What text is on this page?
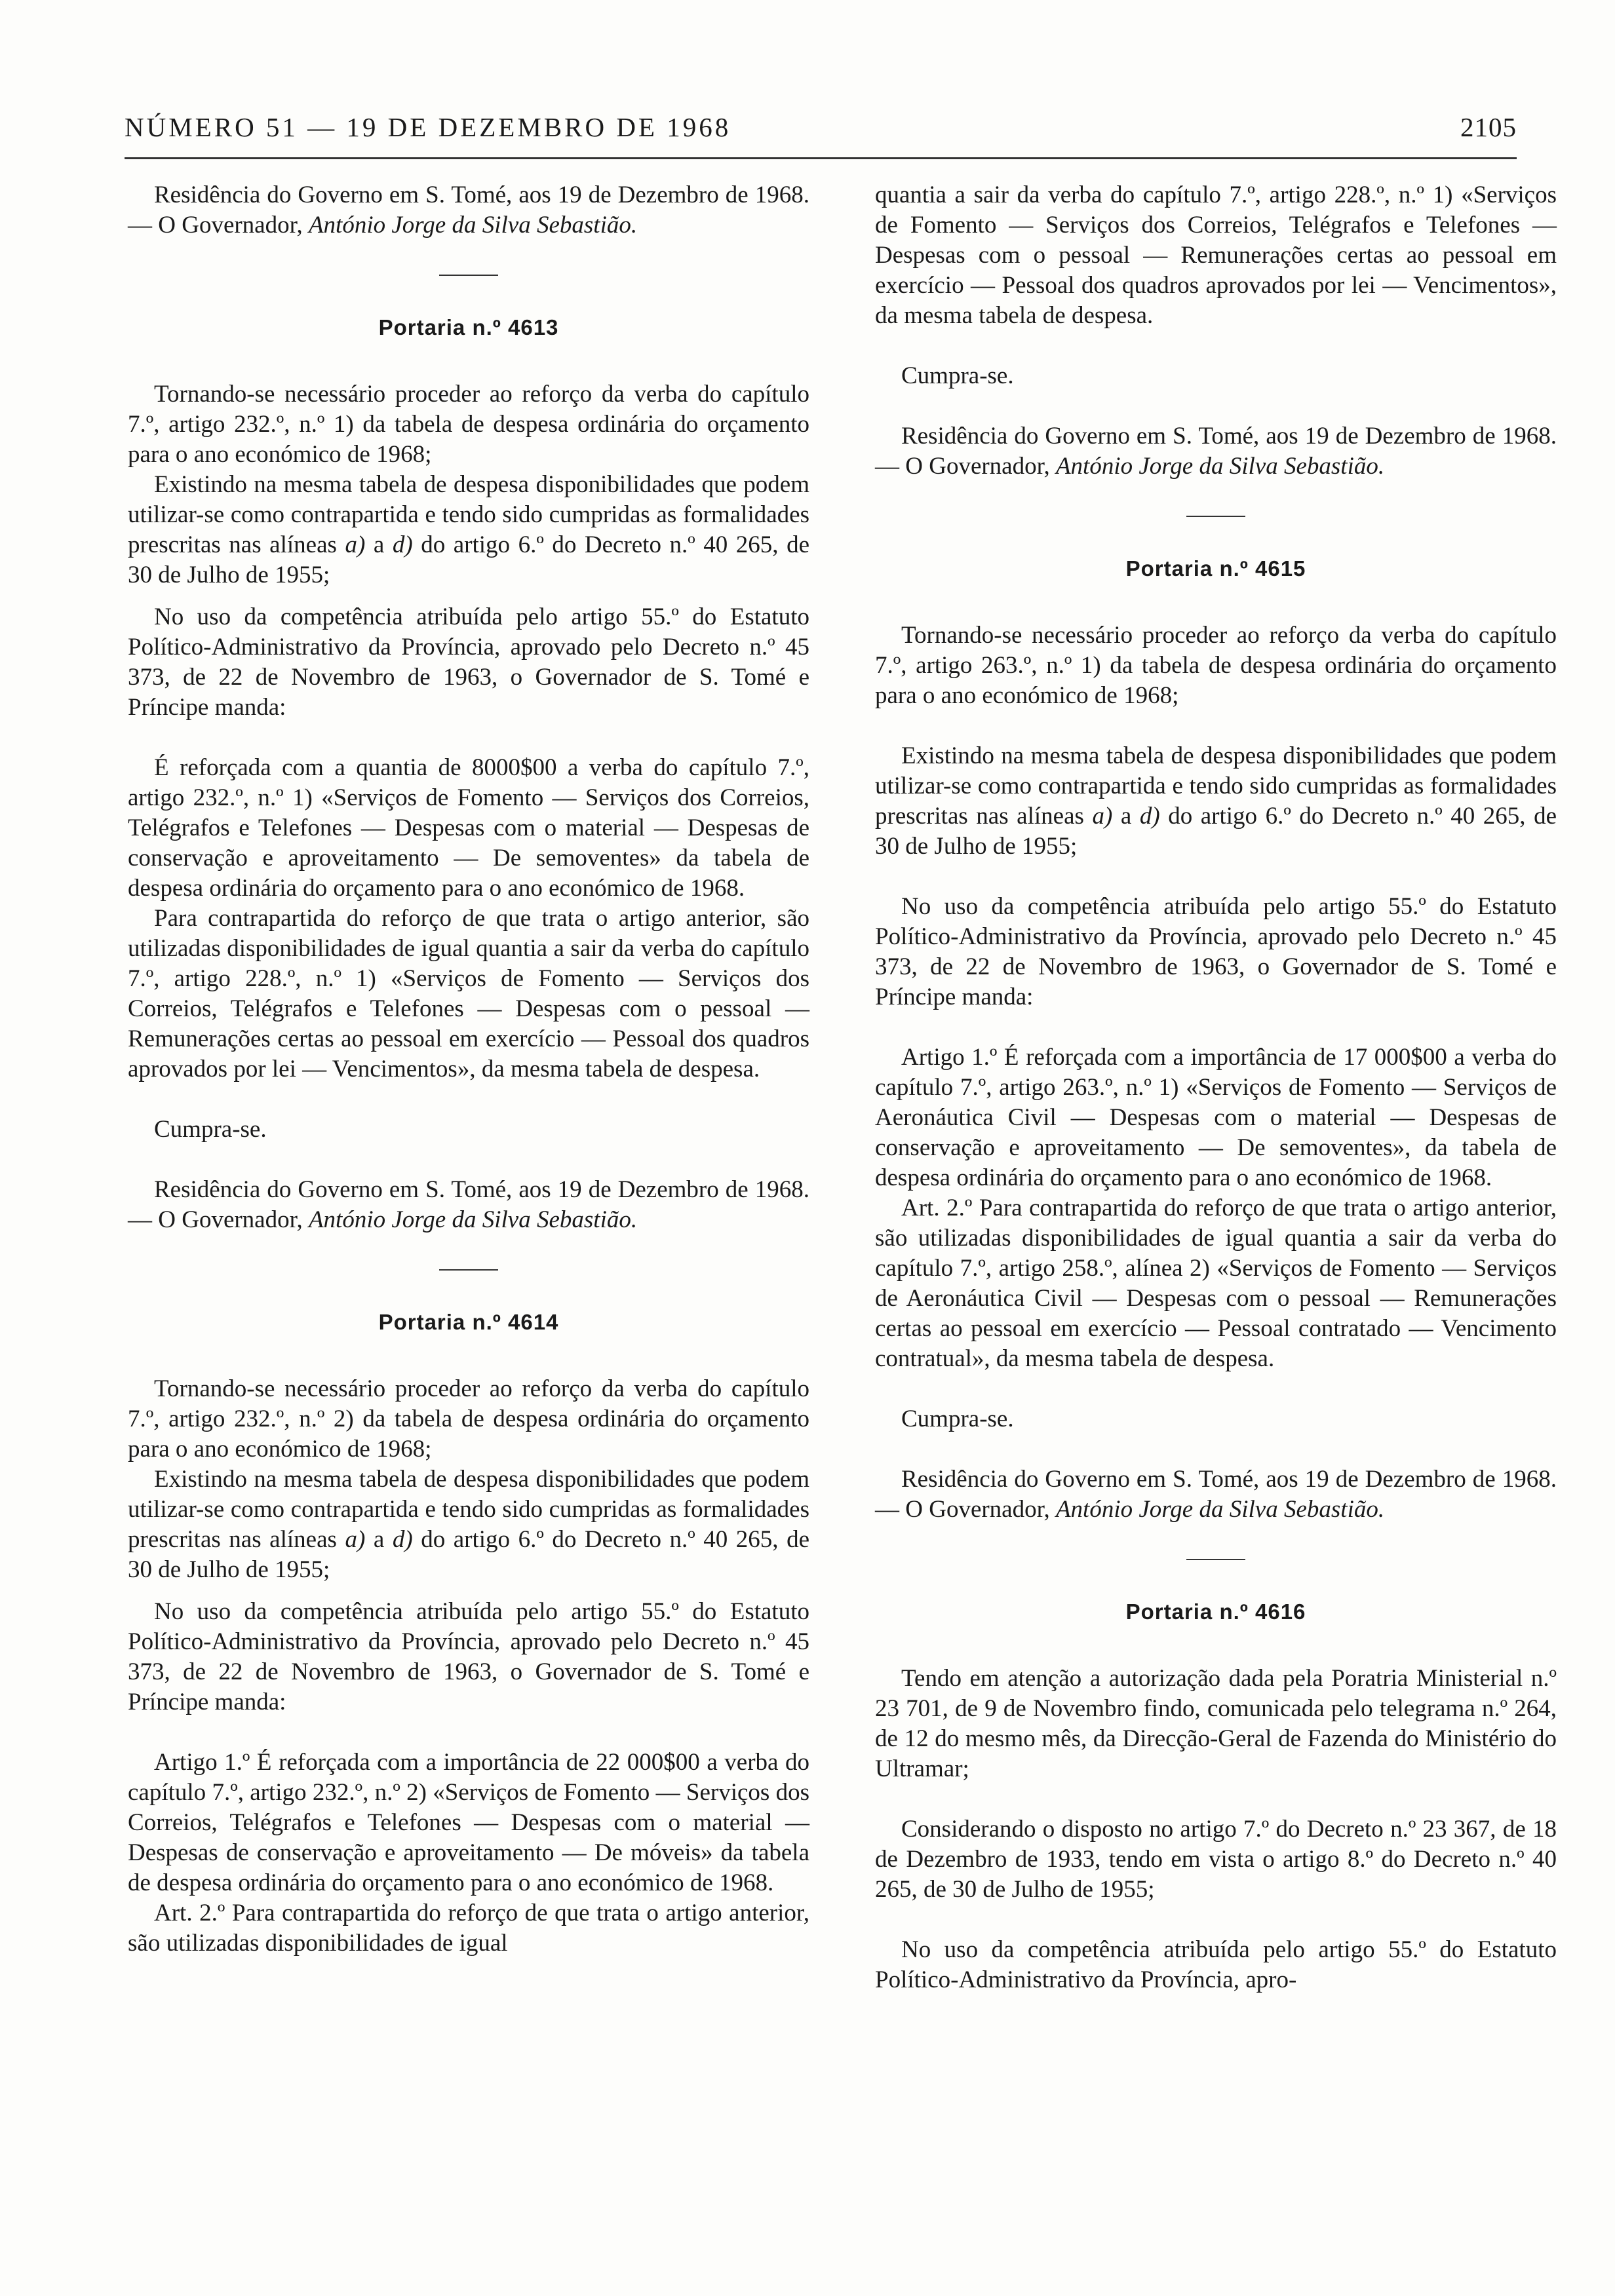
NÚMERO 51 — 19 DE DEZEMBRO DE 1968	2105

Residência do Governo em S. Tomé, aos 19 de Dezembro de 1968. — O Governador, António Jorge da Silva Sebastião.

Portaria n.º 4613

Tornando-se necessário proceder ao reforço da verba do capítulo 7.º, artigo 232.º, n.º 1) da tabela de despesa ordinária do orçamento para o ano económico de 1968;

Existindo na mesma tabela de despesa disponibilidades que podem utilizar-se como contrapartida e tendo sido cumpridas as formalidades prescritas nas alíneas a) a d) do artigo 6.º do Decreto n.º 40 265, de 30 de Julho de 1955;

No uso da competência atribuída pelo artigo 55.º do Estatuto Político-Administrativo da Província, aprovado pelo Decreto n.º 45 373, de 22 de Novembro de 1963, o Governador de S. Tomé e Príncipe manda:

É reforçada com a quantia de 8000$00 a verba do capítulo 7.º, artigo 232.º, n.º 1) «Serviços de Fomento — Serviços dos Correios, Telégrafos e Telefones — Despesas com o material — Despesas de conservação e aproveitamento — De semoventes» da tabela de despesa ordinária do orçamento para o ano económico de 1968.

Para contrapartida do reforço de que trata o artigo anterior, são utilizadas disponibilidades de igual quantia a sair da verba do capítulo 7.º, artigo 228.º, n.º 1) «Serviços de Fomento — Serviços dos Correios, Telégrafos e Telefones — Despesas com o pessoal — Remunerações certas ao pessoal em exercício — Pessoal dos quadros aprovados por lei — Vencimentos», da mesma tabela de despesa.

Cumpra-se.

Residência do Governo em S. Tomé, aos 19 de Dezembro de 1968. — O Governador, António Jorge da Silva Sebastião.

Portaria n.º 4614

Tornando-se necessário proceder ao reforço da verba do capítulo 7.º, artigo 232.º, n.º 2) da tabela de despesa ordinária do orçamento para o ano económico de 1968;

Existindo na mesma tabela de despesa disponibilidades que podem utilizar-se como contrapartida e tendo sido cumpridas as formalidades prescritas nas alíneas a) a d) do artigo 6.º do Decreto n.º 40 265, de 30 de Julho de 1955;

No uso da competência atribuída pelo artigo 55.º do Estatuto Político-Administrativo da Província, aprovado pelo Decreto n.º 45 373, de 22 de Novembro de 1963, o Governador de S. Tomé e Príncipe manda:

Artigo 1.º É reforçada com a importância de 22 000$00 a verba do capítulo 7.º, artigo 232.º, n.º 2) «Serviços de Fomento — Serviços dos Correios, Telégrafos e Telefones — Despesas com o material — Despesas de conservação e aproveitamento — De móveis» da tabela de despesa ordinária do orçamento para o ano económico de 1968.

Art. 2.º Para contrapartida do reforço de que trata o artigo anterior, são utilizadas disponibilidades de igual

quantia a sair da verba do capítulo 7.º, artigo 228.º, n.º 1) «Serviços de Fomento — Serviços dos Correios, Telégrafos e Telefones — Despesas com o pessoal — Remunerações certas ao pessoal em exercício — Pessoal dos quadros aprovados por lei — Vencimentos», da mesma tabela de despesa.

Cumpra-se.

Residência do Governo em S. Tomé, aos 19 de Dezembro de 1968. — O Governador, António Jorge da Silva Sebastião.

Portaria n.º 4615

Tornando-se necessário proceder ao reforço da verba do capítulo 7.º, artigo 263.º, n.º 1) da tabela de despesa ordinária do orçamento para o ano económico de 1968;

Existindo na mesma tabela de despesa disponibilidades que podem utilizar-se como contrapartida e tendo sido cumpridas as formalidades prescritas nas alíneas a) a d) do artigo 6.º do Decreto n.º 40 265, de 30 de Julho de 1955;

No uso da competência atribuída pelo artigo 55.º do Estatuto Político-Administrativo da Província, aprovado pelo Decreto n.º 45 373, de 22 de Novembro de 1963, o Governador de S. Tomé e Príncipe manda:

Artigo 1.º É reforçada com a importância de 17 000$00 a verba do capítulo 7.º, artigo 263.º, n.º 1) «Serviços de Fomento — Serviços de Aeronáutica Civil — Despesas com o material — Despesas de conservação e aproveitamento — De semoventes», da tabela de despesa ordinária do orçamento para o ano económico de 1968.

Art. 2.º Para contrapartida do reforço de que trata o artigo anterior, são utilizadas disponibilidades de igual quantia a sair da verba do capítulo 7.º, artigo 258.º, alínea 2) «Serviços de Fomento — Serviços de Aeronáutica Civil — Despesas com o pessoal — Remunerações certas ao pessoal em exercício — Pessoal contratado — Vencimento contratual», da mesma tabela de despesa.

Cumpra-se.

Residência do Governo em S. Tomé, aos 19 de Dezembro de 1968. — O Governador, António Jorge da Silva Sebastião.

Portaria n.º 4616

Tendo em atenção a autorização dada pela Poratria Ministerial n.º 23 701, de 9 de Novembro findo, comunicada pelo telegrama n.º 264, de 12 do mesmo mês, da Direcção-Geral de Fazenda do Ministério do Ultramar;

Considerando o disposto no artigo 7.º do Decreto n.º 23 367, de 18 de Dezembro de 1933, tendo em vista o artigo 8.º do Decreto n.º 40 265, de 30 de Julho de 1955;

No uso da competência atribuída pelo artigo 55.º do Estatuto Político-Administrativo da Província, apro-
